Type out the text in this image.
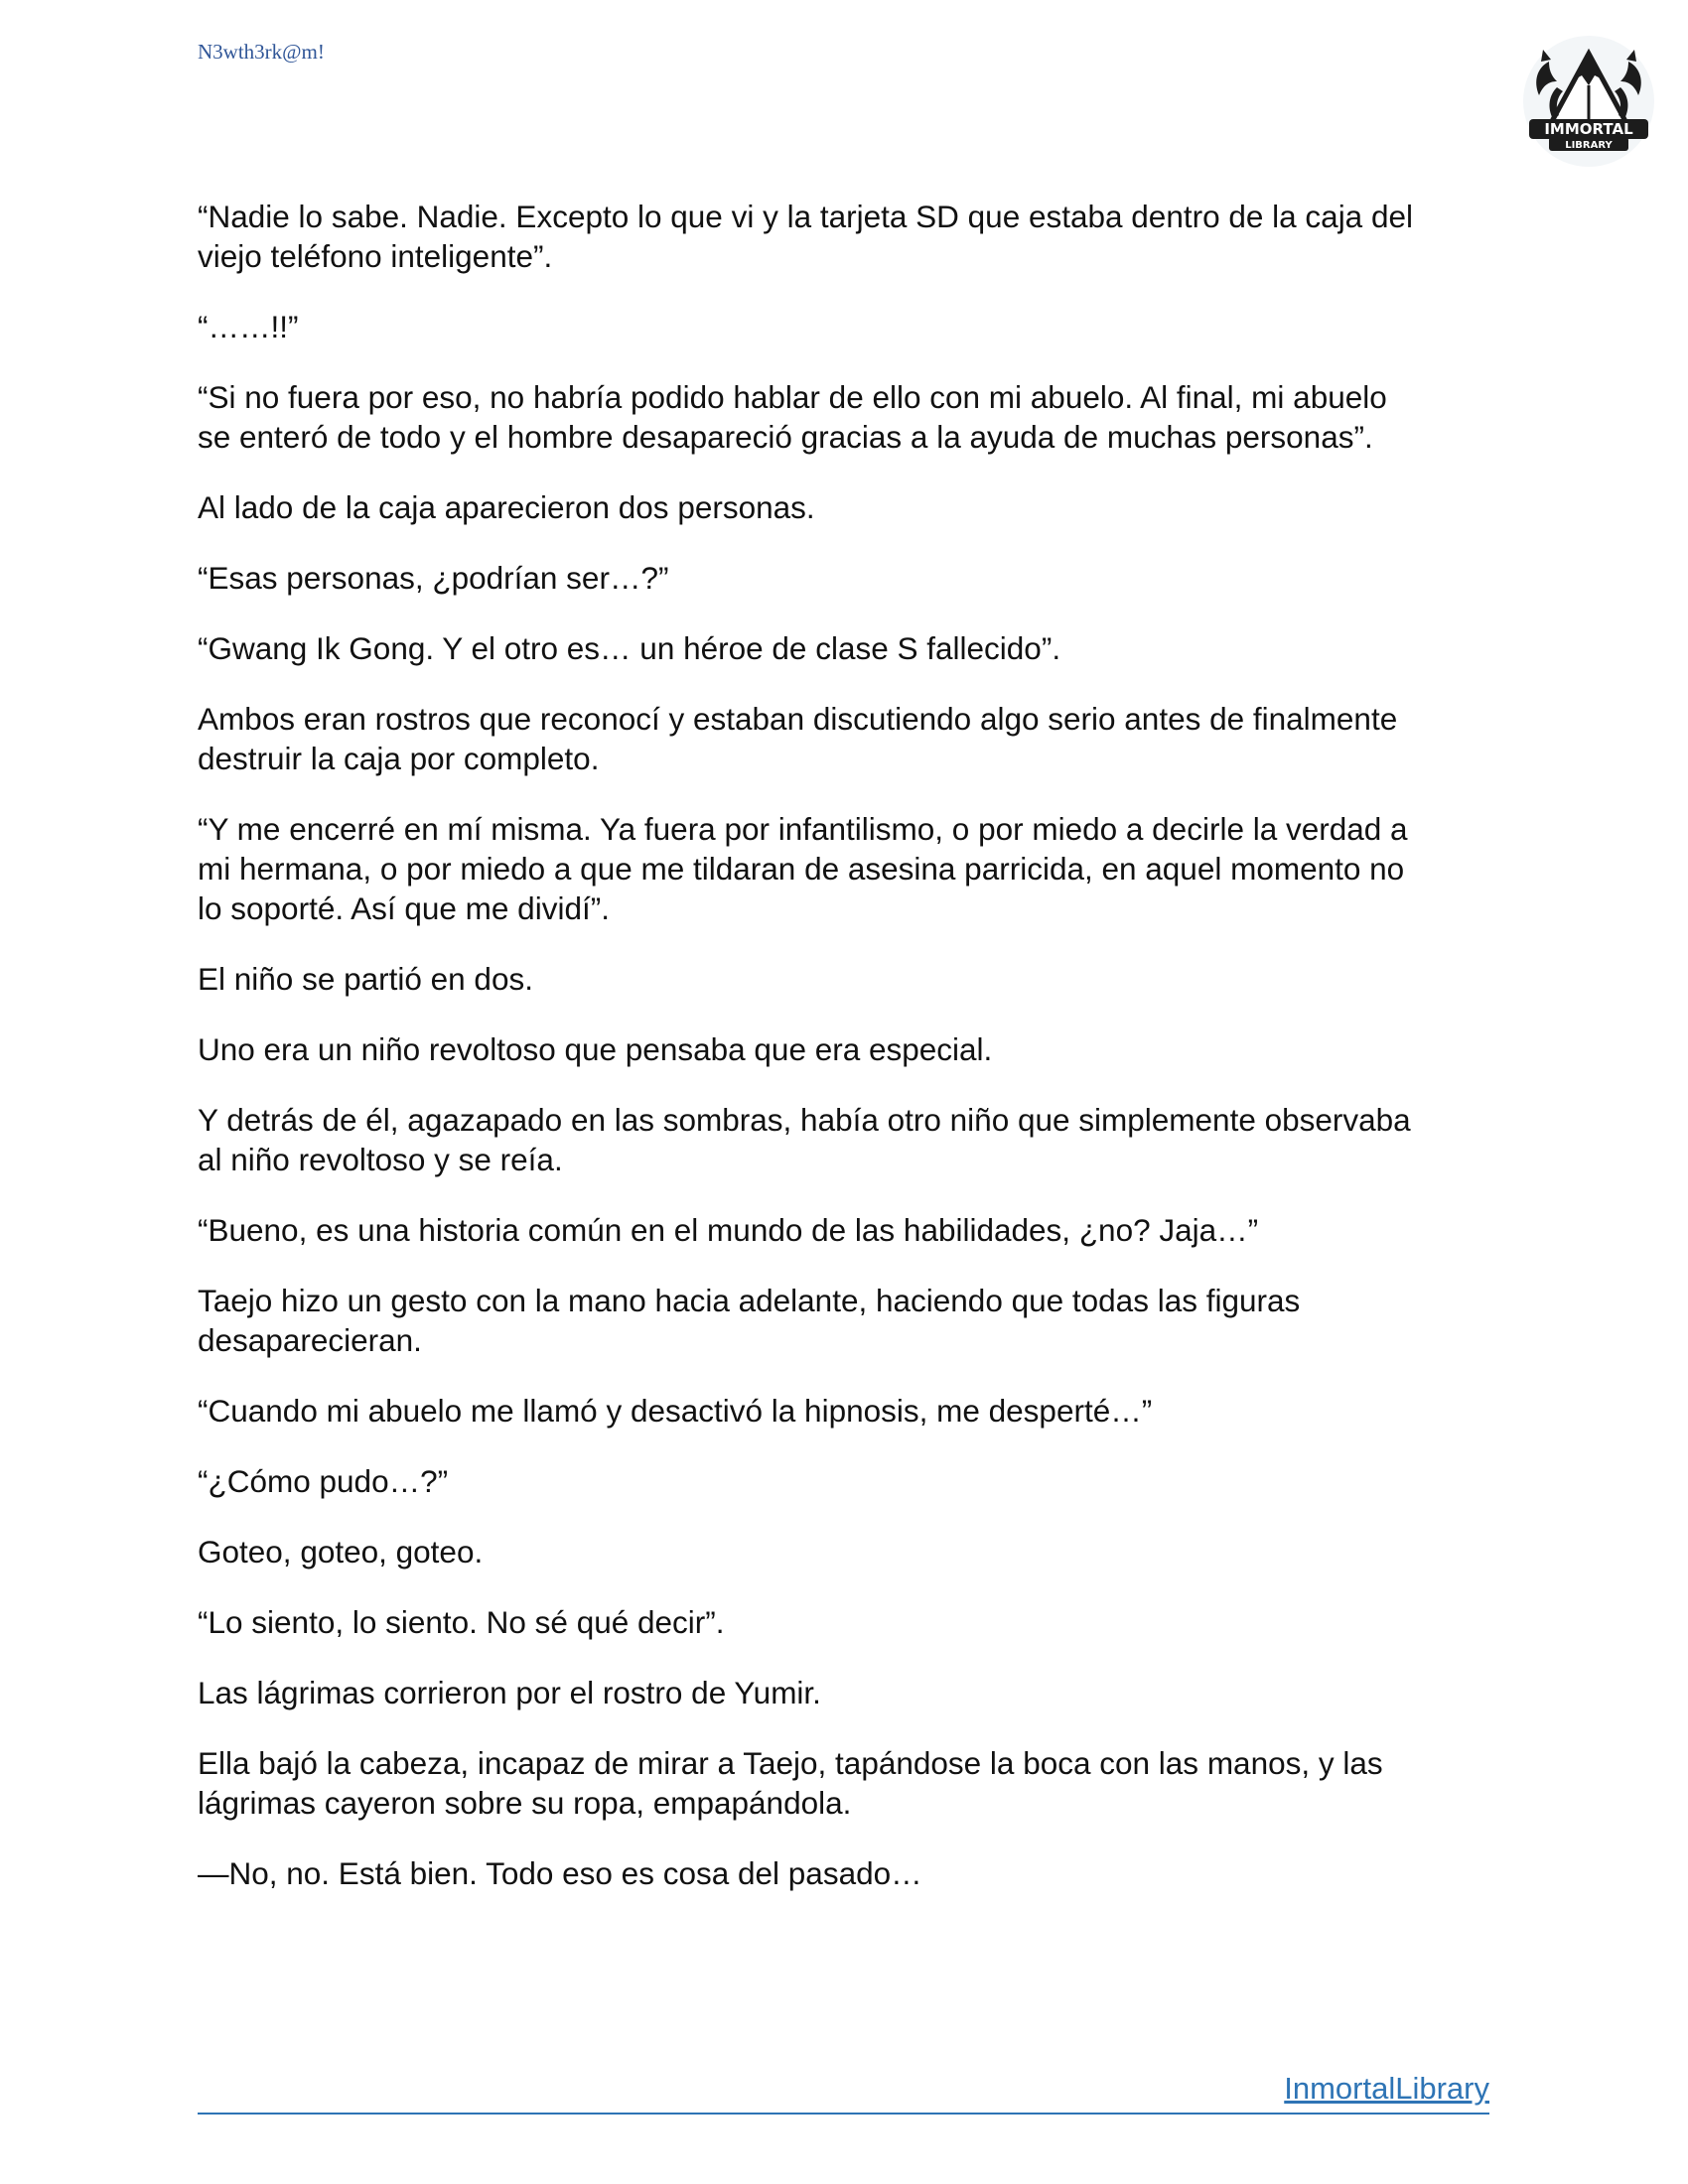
N3wth3rk@m!
IMMORTAL
LIBRARY

“Nadie lo sabe. Nadie. Excepto lo que vi y la tarjeta SD que estaba dentro de la caja del
viejo teléfono inteligente”.

“……!!”

“Si no fuera por eso, no habría podido hablar de ello con mi abuelo. Al final, mi abuelo
se enteró de todo y el hombre desapareció gracias a la ayuda de muchas personas”.

Al lado de la caja aparecieron dos personas.

“Esas personas, ¿podrían ser…?”

“Gwang Ik Gong. Y el otro es… un héroe de clase S fallecido”.

Ambos eran rostros que reconocí y estaban discutiendo algo serio antes de finalmente
destruir la caja por completo.

“Y me encerré en mí misma. Ya fuera por infantilismo, o por miedo a decirle la verdad a
mi hermana, o por miedo a que me tildaran de asesina parricida, en aquel momento no
lo soporté. Así que me dividí”.

El niño se partió en dos.

Uno era un niño revoltoso que pensaba que era especial.

Y detrás de él, agazapado en las sombras, había otro niño que simplemente observaba
al niño revoltoso y se reía.

“Bueno, es una historia común en el mundo de las habilidades, ¿no? Jaja…”

Taejo hizo un gesto con la mano hacia adelante, haciendo que todas las figuras
desaparecieran.

“Cuando mi abuelo me llamó y desactivó la hipnosis, me desperté…”

“¿Cómo pudo…?”

Goteo, goteo, goteo.

“Lo siento, lo siento. No sé qué decir”.

Las lágrimas corrieron por el rostro de Yumir.

Ella bajó la cabeza, incapaz de mirar a Taejo, tapándose la boca con las manos, y las
lágrimas cayeron sobre su ropa, empapándola.

—No, no. Está bien. Todo eso es cosa del pasado…

InmortalLibrary
